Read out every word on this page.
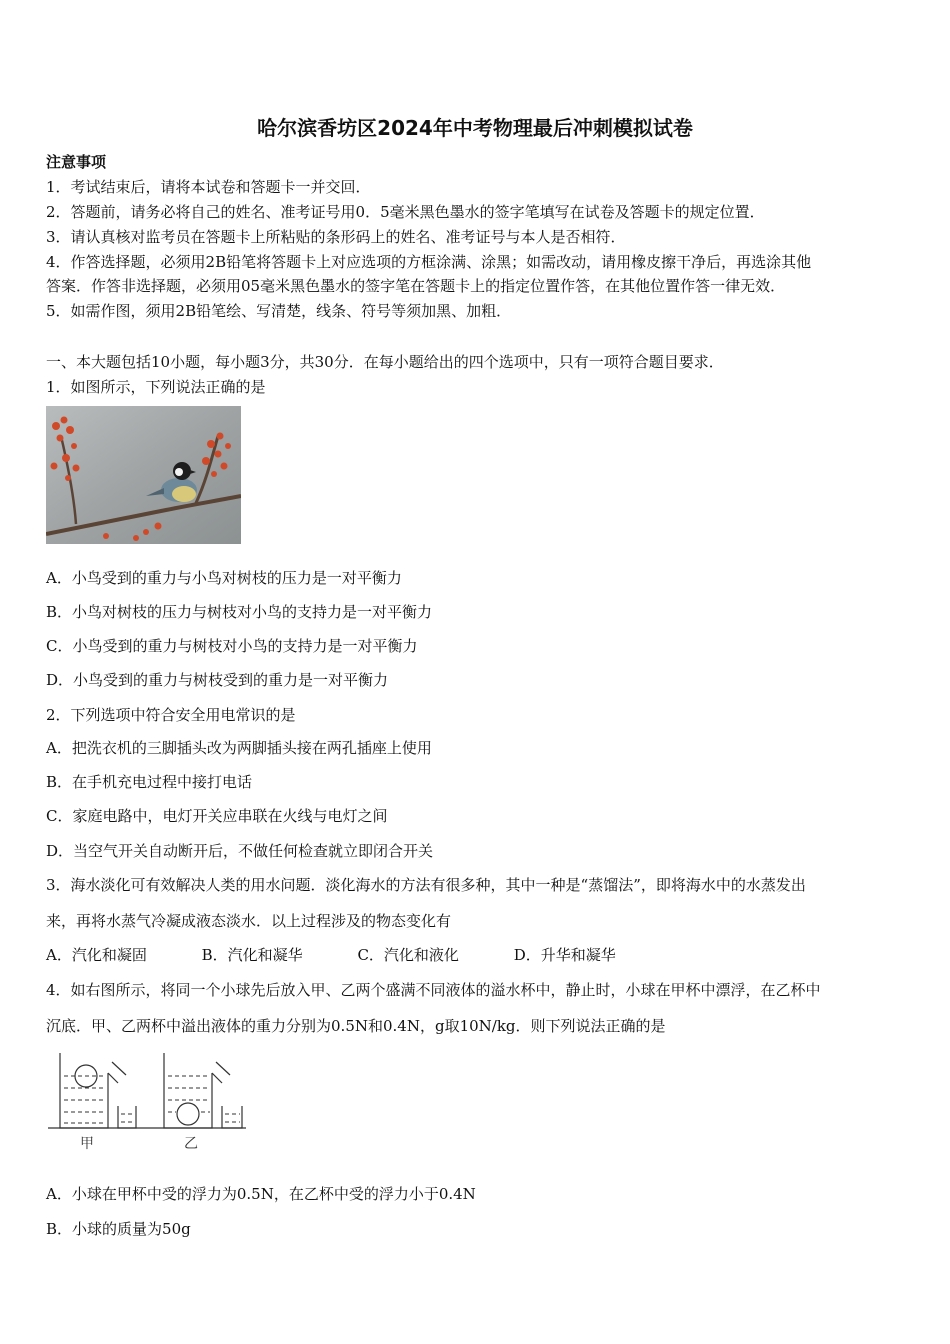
哈尔滨香坊区2024年中考物理最后冲刺模拟试卷
注意事项
1．考试结束后，请将本试卷和答题卡一并交回．
2．答题前，请务必将自己的姓名、准考证号用0．5毫米黑色墨水的签字笔填写在试卷及答题卡的规定位置．
3．请认真核对监考员在答题卡上所粘贴的条形码上的姓名、准考证号与本人是否相符．
4．作答选择题，必须用2B铅笔将答题卡上对应选项的方框涂满、涂黑；如需改动，请用橡皮擦干净后，再选涂其他
答案．作答非选择题，必须用05毫米黑色墨水的签字笔在答题卡上的指定位置作答，在其他位置作答一律无效．
5．如需作图，须用2B铅笔绘、写清楚，线条、符号等须加黑、加粗．
一、本大题包括10小题，每小题3分，共30分．在每小题给出的四个选项中，只有一项符合题目要求．
1．如图所示，下列说法正确的是
A．小鸟受到的重力与小鸟对树枝的压力是一对平衡力
B．小鸟对树枝的压力与树枝对小鸟的支持力是一对平衡力
C．小鸟受到的重力与树枝对小鸟的支持力是一对平衡力
D．小鸟受到的重力与树枝受到的重力是一对平衡力
2．下列选项中符合安全用电常识的是
A．把洗衣机的三脚插头改为两脚插头接在两孔插座上使用
B．在手机充电过程中接打电话
C．家庭电路中，电灯开关应串联在火线与电灯之间
D．当空气开关自动断开后，不做任何检查就立即闭合开关
3．海水淡化可有效解决人类的用水问题．淡化海水的方法有很多种，其中一种是“蒸馏法”，即将海水中的水蒸发出
来，再将水蒸气冷凝成液态淡水．以上过程涉及的物态变化有
A．汽化和凝固	B．汽化和凝华	C．汽化和液化	D．升华和凝华
4．如右图所示，将同一个小球先后放入甲、乙两个盛满不同液体的溢水杯中，静止时，小球在甲杯中漂浮，在乙杯中
沉底．甲、乙两杯中溢出液体的重力分别为0.5N和0.4N，g取10N/kg．则下列说法正确的是
甲	乙
A．小球在甲杯中受的浮力为0.5N，在乙杯中受的浮力小于0.4N
B．小球的质量为50g
